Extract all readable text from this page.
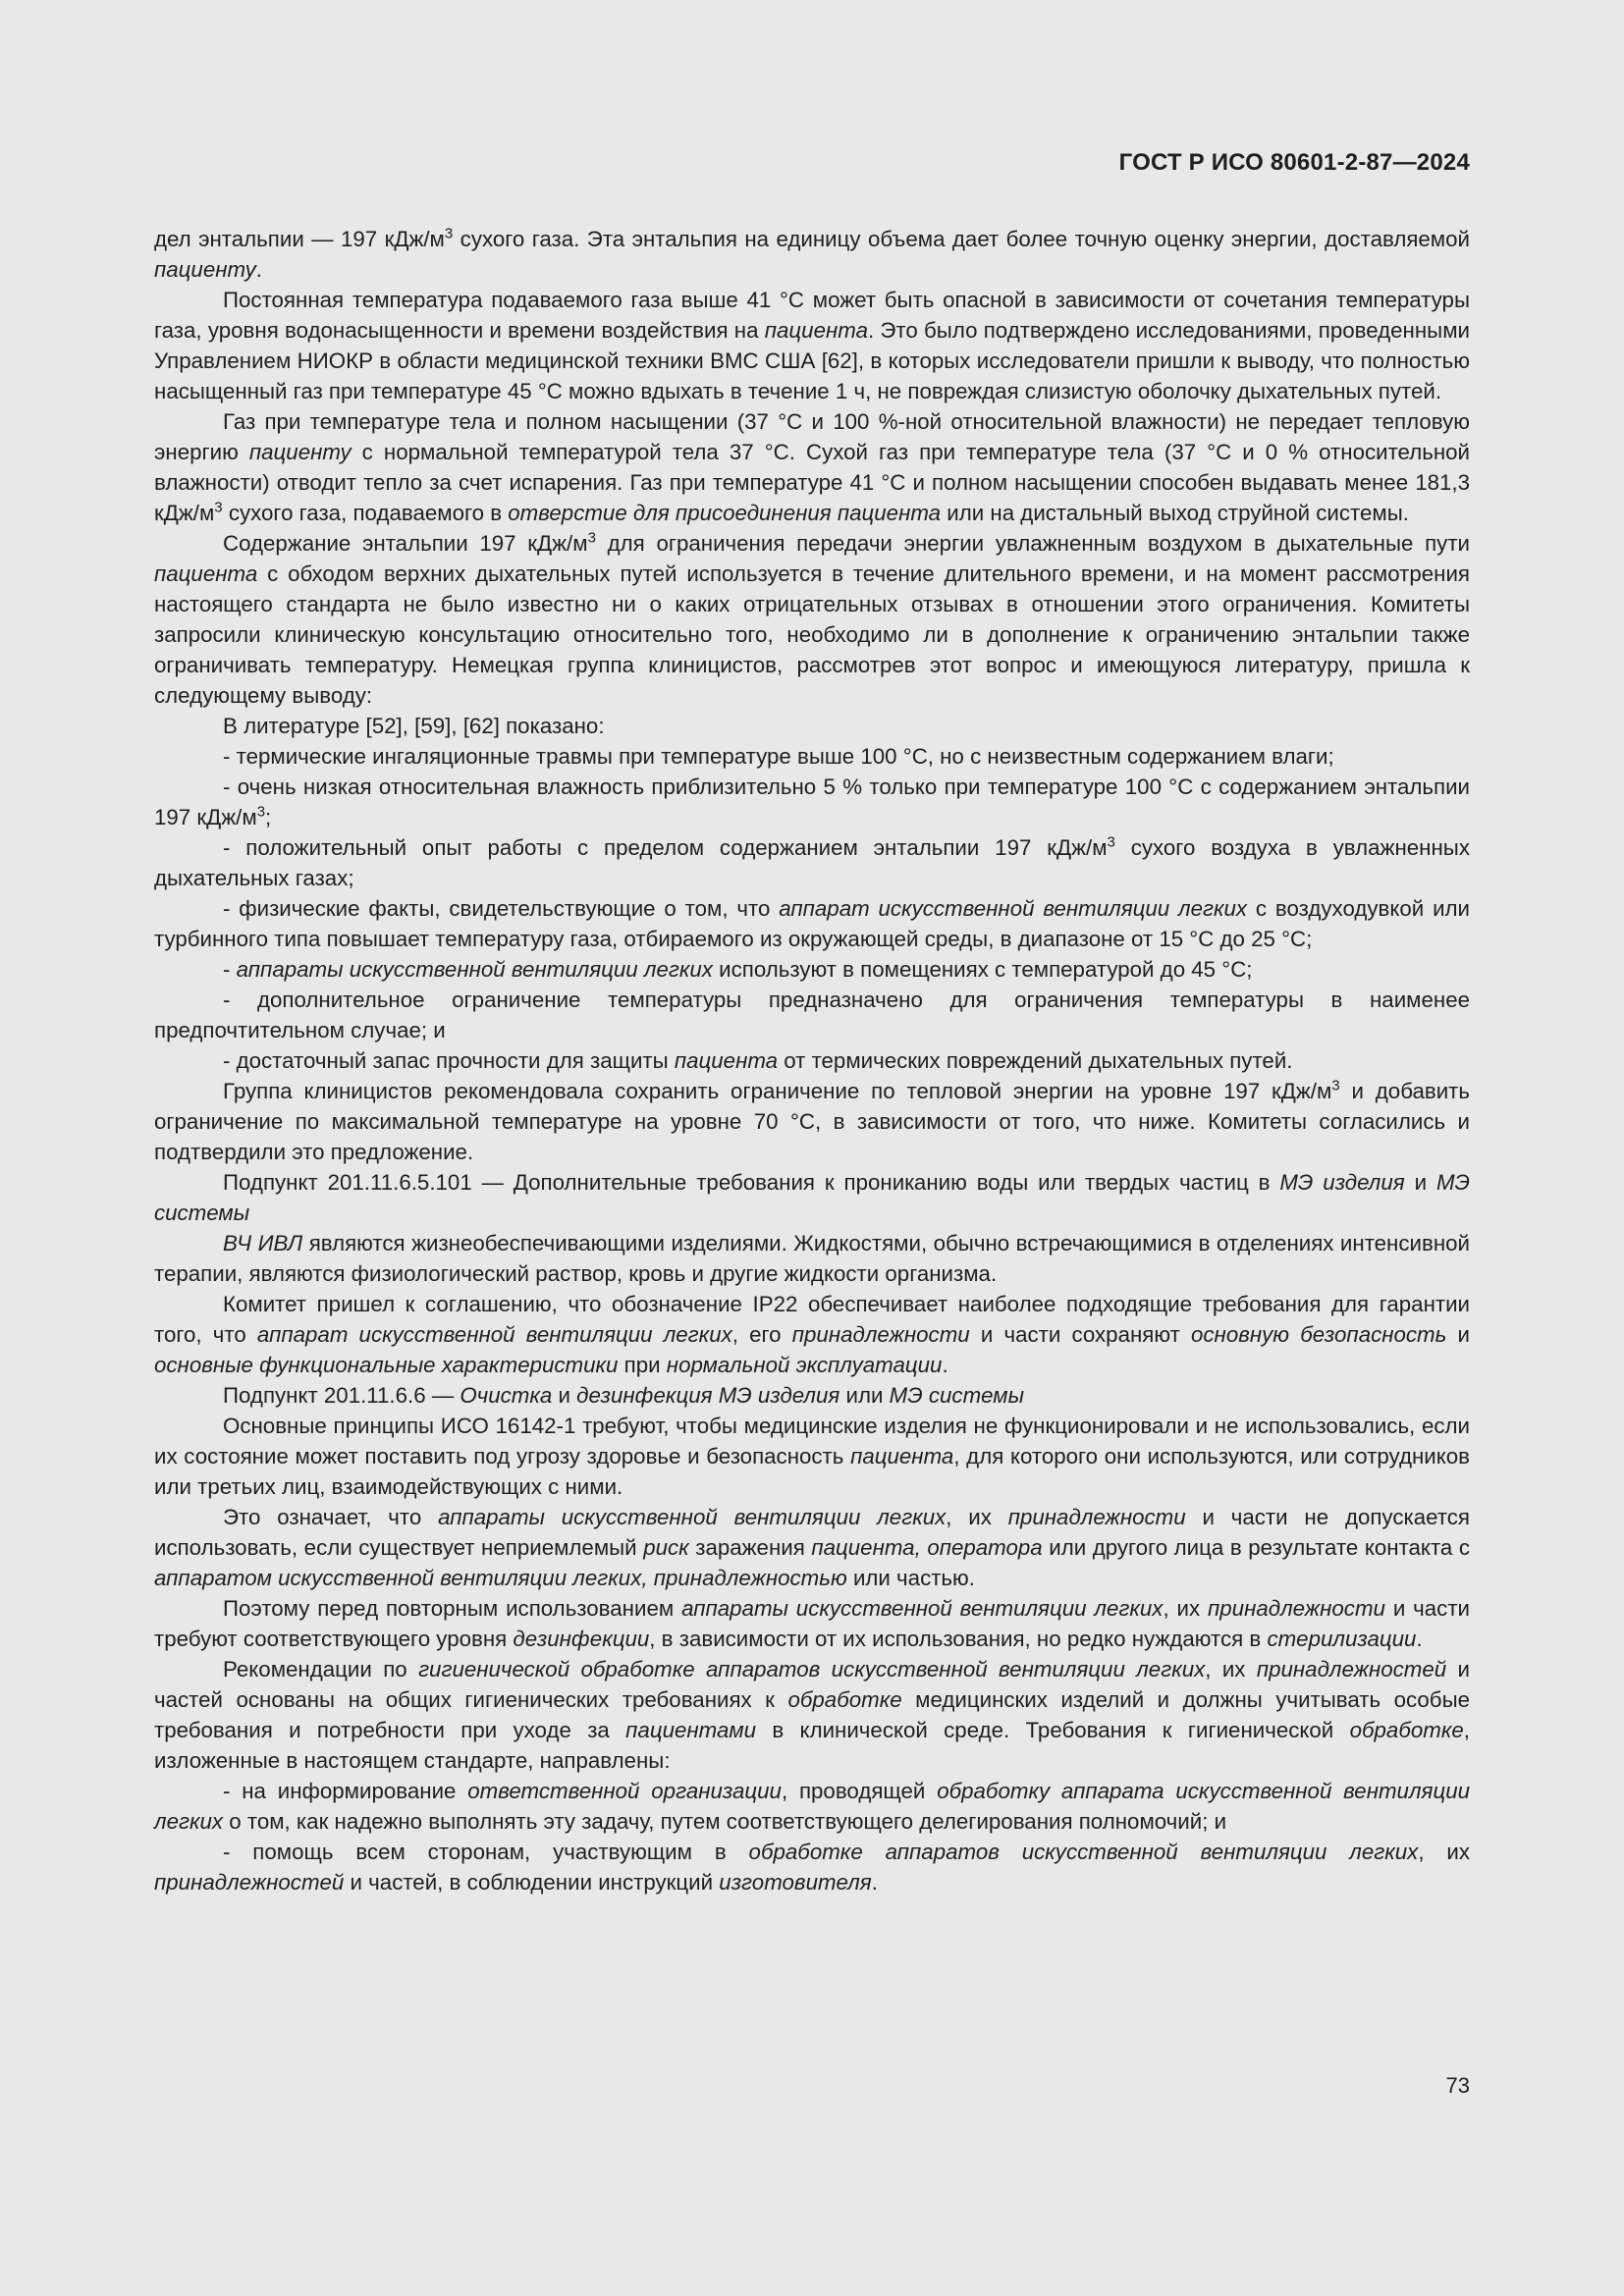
ГОСТ Р ИСО 80601-2-87—2024

дел энтальпии — 197 кДж/$м^3$ сухого газа. Эта энтальпия на единицу объема дает более точную оценку энергии, доставляемой пациенту.

Постоянная температура подаваемого газа выше 41 °С может быть опасной в зависимости от сочетания температуры газа, уровня водонасыщенности и времени воздействия на пациента. Это было подтверждено исследованиями, проведенными Управлением НИОКР в области медицинской техники ВМС США [62], в которых исследователи пришли к выводу, что полностью насыщенный газ при температуре 45 °С можно вдыхать в течение 1 ч, не повреждая слизистую оболочку дыхательных путей.

Газ при температуре тела и полном насыщении (37 °С и 100 %-ной относительной влажности) не передает тепловую энергию пациенту с нормальной температурой тела 37 °С. Сухой газ при температуре тела (37 °С и 0 % относительной влажности) отводит тепло за счет испарения. Газ при температуре 41 °С и полном насыщении способен выдавать менее 181,3 кДж/$м^3$ сухого газа, подаваемого в отверстие для присоединения пациента или на дистальный выход струйной системы.

Содержание энтальпии 197 кДж/$м^3$ для ограничения передачи энергии увлажненным воздухом в дыхательные пути пациента с обходом верхних дыхательных путей используется в течение длительного времени, и на момент рассмотрения настоящего стандарта не было известно ни о каких отрицательных отзывах в отношении этого ограничения. Комитеты запросили клиническую консультацию относительно того, необходимо ли в дополнение к ограничению энтальпии также ограничивать температуру. Немецкая группа клиницистов, рассмотрев этот вопрос и имеющуюся литературу, пришла к следующему выводу:

В литературе [52], [59], [62] показано:

- термические ингаляционные травмы при температуре выше 100 °С, но с неизвестным содержанием влаги;

- очень низкая относительная влажность приблизительно 5 % только при температуре 100 °С с содержанием энтальпии 197 кДж/$м^3$;

- положительный опыт работы с пределом содержанием энтальпии 197 кДж/$м^3$ сухого воздуха в увлажненных дыхательных газах;

- физические факты, свидетельствующие о том, что аппарат искусственной вентиляции легких с воздуходувкой или турбинного типа повышает температуру газа, отбираемого из окружающей среды, в диапазоне от 15 °С до 25 °С;

- аппараты искусственной вентиляции легких используют в помещениях с температурой до 45 °С;

- дополнительное ограничение температуры предназначено для ограничения температуры в наименее предпочтительном случае; и

- достаточный запас прочности для защиты пациента от термических повреждений дыхательных путей.

Группа клиницистов рекомендовала сохранить ограничение по тепловой энергии на уровне 197 кДж/$м^3$ и добавить ограничение по максимальной температуре на уровне 70 °С, в зависимости от того, что ниже. Комитеты согласились и подтвердили это предложение.

Подпункт 201.11.6.5.101 — Дополнительные требования к проникaнию воды или твердых частиц в МЭ изделия и МЭ системы

ВЧ ИВЛ являются жизнеобеспечивающими изделиями. Жидкостями, обычно встречающимися в отделениях интенсивной терапии, являются физиологический раствор, кровь и другие жидкости организма.

Комитет пришел к соглашению, что обозначение IP22 обеспечивает наиболее подходящие требования для гарантии того, что аппарат искусственной вентиляции легких, его принадлежности и части сохраняют основную безопасность и основные функциональные характеристики при нормальной эксплуатации.

Подпункт 201.11.6.6 — Очистка и дезинфекция МЭ изделия или МЭ системы

Основные принципы ИСО 16142-1 требуют, чтобы медицинские изделия не функционировали и не использовались, если их состояние может поставить под угрозу здоровье и безопасность пациента, для которого они используются, или сотрудников или третьих лиц, взаимодействующих с ними.

Это означает, что аппараты искусственной вентиляции легких, их принадлежности и части не допускается использовать, если существует неприемлемый риск заражения пациента, оператора или другого лица в результате контакта с аппаратом искусственной вентиляции легких, принадлежностью или частью.

Поэтому перед повторным использованием аппараты искусственной вентиляции легких, их принадлежности и части требуют соответствующего уровня дезинфекции, в зависимости от их использования, но редко нуждаются в стерилизации.

Рекомендации по гигиенической обработке аппаратов искусственной вентиляции легких, их принадлежностей и частей основаны на общих гигиенических требованиях к обработке медицинских изделий и должны учитывать особые требования и потребности при уходе за пациентами в клинической среде. Требования к гигиенической обработке, изложенные в настоящем стандарте, направлены:

- на информирование ответственной организации, проводящей обработку аппарата искусственной вентиляции легких о том, как надежно выполнять эту задачу, путем соответствующего делегирования полномочий; и

- помощь всем сторонам, участвующим в обработке аппаратов искусственной вентиляции легких, их принадлежностей и частей, в соблюдении инструкций изготовителя.

73
